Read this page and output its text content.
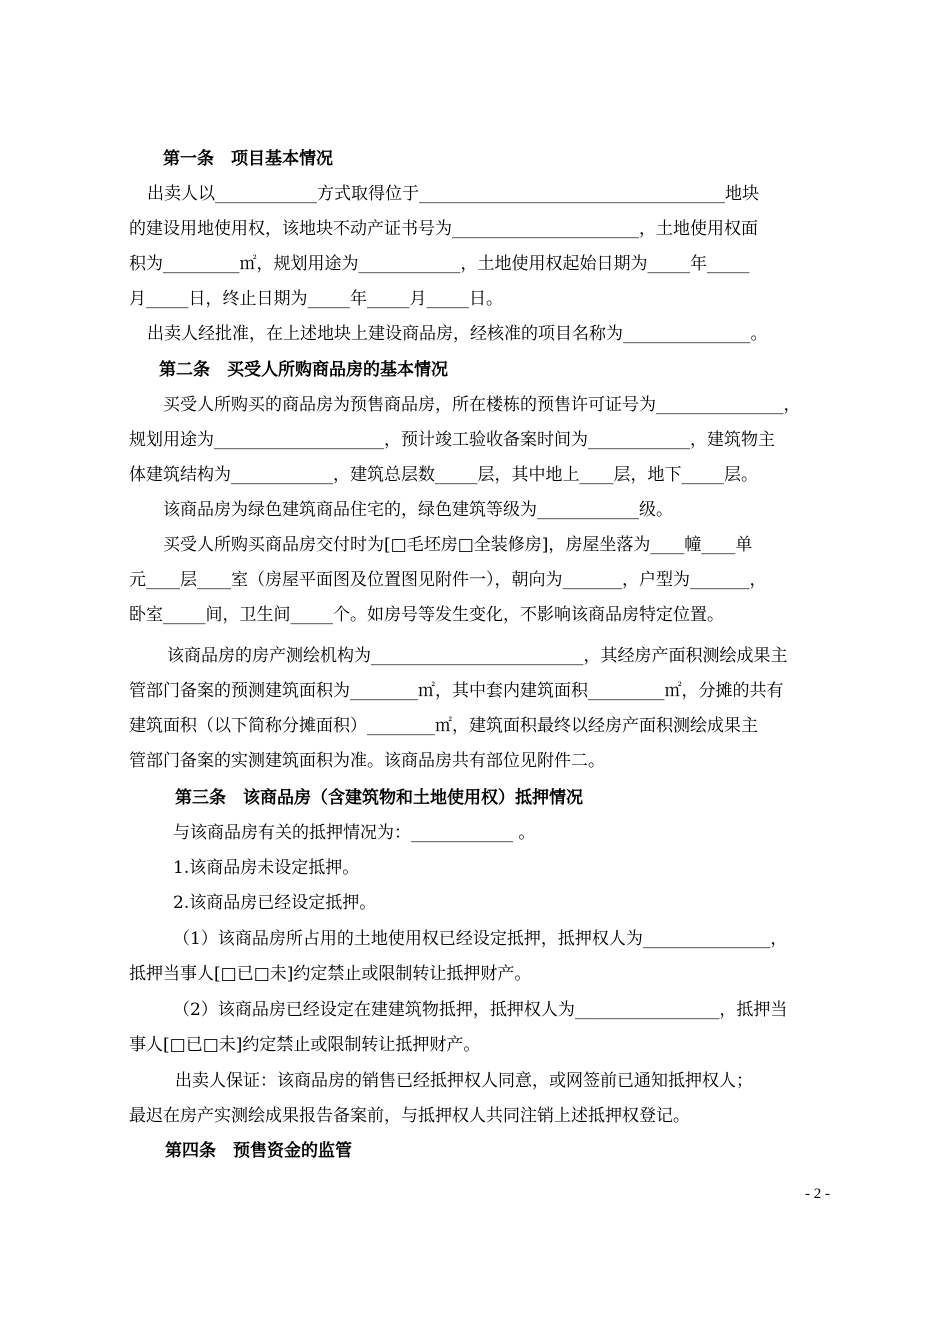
第一条　项目基本情况
出卖人以____________方式取得位于____________________________________地块
的建设用地使用权，该地块不动产证书号为______________________，土地使用权面
积为_________㎡，规划用途为____________，土地使用权起始日期为_____年_____
月_____日，终止日期为_____年_____月_____日。
出卖人经批准，在上述地块上建设商品房，经核准的项目名称为_______________。
第二条　买受人所购商品房的基本情况
买受人所购买的商品房为预售商品房，所在楼栋的预售许可证号为_______________，
规划用途为____________________，预计竣工验收备案时间为____________，建筑物主
体建筑结构为____________，建筑总层数_____层，其中地上____层，地下_____层。
该商品房为绿色建筑商品住宅的，绿色建筑等级为____________级。
买受人所购买商品房交付时为[□毛坯房□全装修房]，房屋坐落为____幢____单
元____层____室（房屋平面图及位置图见附件一），朝向为_______，户型为_______，
卧室_____间，卫生间_____个。如房号等发生变化，不影响该商品房特定位置。
该商品房的房产测绘机构为_________________________，其经房产面积测绘成果主
管部门备案的预测建筑面积为________㎡，其中套内建筑面积_________㎡，分摊的共有
建筑面积（以下简称分摊面积）________㎡，建筑面积最终以经房产面积测绘成果主
管部门备案的实测建筑面积为准。该商品房共有部位见附件二。
第三条　该商品房（含建筑物和土地使用权）抵押情况
与该商品房有关的抵押情况为：____________ 。
1.该商品房未设定抵押。
2.该商品房已经设定抵押。
（1）该商品房所占用的土地使用权已经设定抵押，抵押权人为_______________，
抵押当事人[□已□未]约定禁止或限制转让抵押财产。
（2）该商品房已经设定在建建筑物抵押，抵押权人为_________________，抵押当
事人[□已□未]约定禁止或限制转让抵押财产。
出卖人保证：该商品房的销售已经抵押权人同意，或网签前已通知抵押权人；
最迟在房产实测绘成果报告备案前，与抵押权人共同注销上述抵押权登记。
第四条　预售资金的监管
- 2 -
